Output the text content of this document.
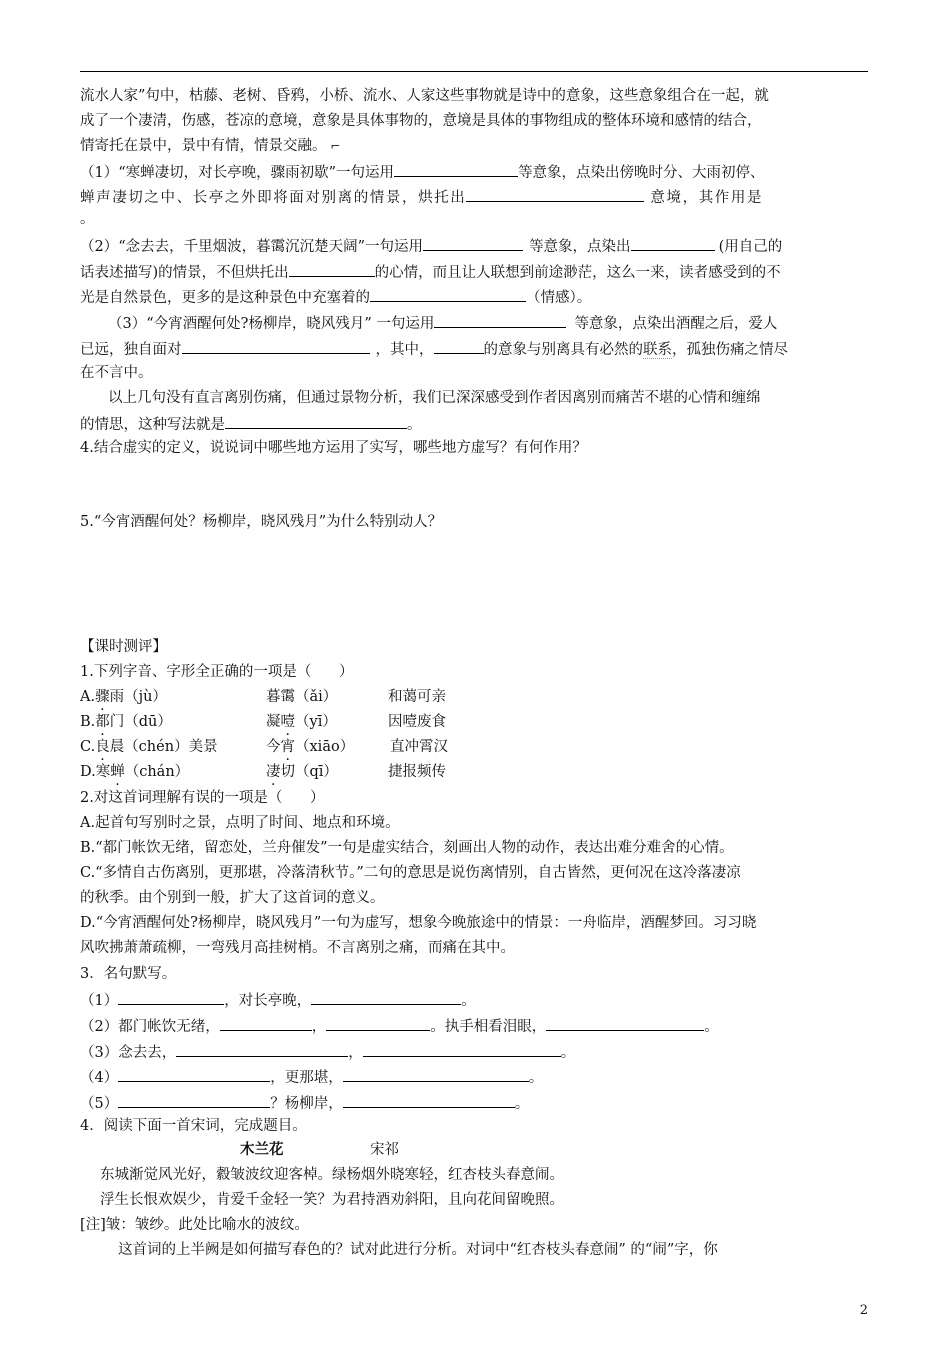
流水人家”句中，枯藤、老树、昏鸦，小桥、流水、人家这些事物就是诗中的意象，这些意象组合在一起，就
成了一个凄清，伤感，苍凉的意境，意象是具体事物的，意境是具体的事物组成的整体环境和感情的结合，
情寄托在景中，景中有情，情景交融。 ⌐
（1）“寒蝉凄切，对长亭晚，骤雨初歇”一句运用	等意象，点染出傍晚时分、大雨初停、
蝉声凄切之中、长亭之外即将面对别离的情景，烘托出	意境，其作用是
。
（2）“念去去，千里烟波，暮霭沉沉楚天阔”一句运用	等意象，点染出	(用自己的
话表述描写)的情景，不但烘托出	的心情，而且让人联想到前途渺茫，这么一来，读者感受到的不
光是自然景色，更多的是这种景色中充塞着的	（情感）。
（3）“今宵酒醒何处?杨柳岸，晓风残月” 一句运用	等意象，点染出酒醒之后，爱人
已远，独自面对	，其中，	的意象与别离具有必然的联系，孤独伤痛之情尽
在不言中。
以上几句没有直言离别伤痛，但通过景物分析，我们已深深感受到作者因离别而痛苦不堪的心情和缠绵
的情思，这种写法就是	。
4.结合虚实的定义，说说词中哪些地方运用了实写，哪些地方虚写？有何作用？
5.“今宵酒醒何处？杨柳岸，晓风残月”为什么特别动人？
【课时测评】
1.下列字音、字形全正确的一项是（      ）
A.骤雨（jù）	暮霭（ǎi）	和蔼可亲
B.都门（dū）	凝噎（yī）	因噎废食
C.良晨（chén）美景	今宵（xiāo） 直冲霄汉
D.寒蝉（chán）	凄切（qī）	捷报频传
2.对这首词理解有误的一项是（      ）
A.起首句写别时之景，点明了时间、地点和环境。
B.“都门帐饮无绪，留恋处，兰舟催发”一句是虚实结合，刻画出人物的动作，表达出难分难舍的心情。
C.“多情自古伤离别，更那堪，冷落清秋节。”二句的意思是说伤离情别，自古皆然，更何况在这冷落凄凉
的秋季。由个别到一般，扩大了这首词的意义。
D.“今宵酒醒何处?杨柳岸，晓风残月”一句为虚写，想象今晚旅途中的情景：一舟临岸，酒醒梦回。习习晓
风吹拂萧萧疏柳，一弯残月高挂树梢。不言离别之痛，而痛在其中。
3．名句默写。
（1）	，对长亭晚，	。
（2）都门帐饮无绪，	，	。执手相看泪眼，	。
（3）念去去，	，	。
（4）	，更那堪，	。
（5）	？杨柳岸，	。
4．阅读下面一首宋词，完成题目。
木兰花	宋祁
东城渐觉风光好，縠皱波纹迎客棹。绿杨烟外晓寒轻，红杏枝头春意闹。
浮生长恨欢娱少，肯爱千金轻一笑？为君持酒劝斜阳，且向花间留晚照。
[注]皱：皱纱。此处比喻水的波纹。
这首词的上半阙是如何描写春色的？试对此进行分析。对词中“红杏枝头春意闹” 的“闹”字，你
2
